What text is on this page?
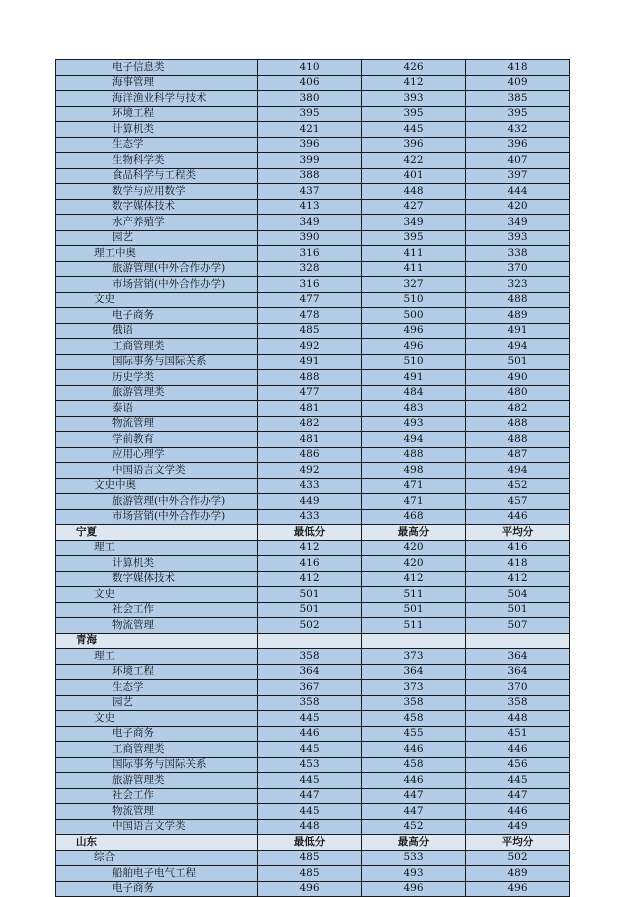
电子信息类	410	426	418
海事管理	406	412	409
海洋渔业科学与技术	380	393	385
环境工程	395	395	395
计算机类	421	445	432
生态学	396	396	396
生物科学类	399	422	407
食品科学与工程类	388	401	397
数学与应用数学	437	448	444
数字媒体技术	413	427	420
水产养殖学	349	349	349
园艺	390	395	393
理工中奥	316	411	338
旅游管理(中外合作办学)	328	411	370
市场营销(中外合作办学)	316	327	323
文史	477	510	488
电子商务	478	500	489
俄语	485	496	491
工商管理类	492	496	494
国际事务与国际关系	491	510	501
历史学类	488	491	490
旅游管理类	477	484	480
泰语	481	483	482
物流管理	482	493	488
学前教育	481	494	488
应用心理学	486	488	487
中国语言文学类	492	498	494
文史中奥	433	471	452
旅游管理(中外合作办学)	449	471	457
市场营销(中外合作办学)	433	468	446
宁夏	最低分	最高分	平均分
理工	412	420	416
计算机类	416	420	418
数字媒体技术	412	412	412
文史	501	511	504
社会工作	501	501	501
物流管理	502	511	507
青海			
理工	358	373	364
环境工程	364	364	364
生态学	367	373	370
园艺	358	358	358
文史	445	458	448
电子商务	446	455	451
工商管理类	445	446	446
国际事务与国际关系	453	458	456
旅游管理类	445	446	445
社会工作	447	447	447
物流管理	445	447	446
中国语言文学类	448	452	449
山东	最低分	最高分	平均分
综合	485	533	502
船舶电子电气工程	485	493	489
电子商务	496	496	496
